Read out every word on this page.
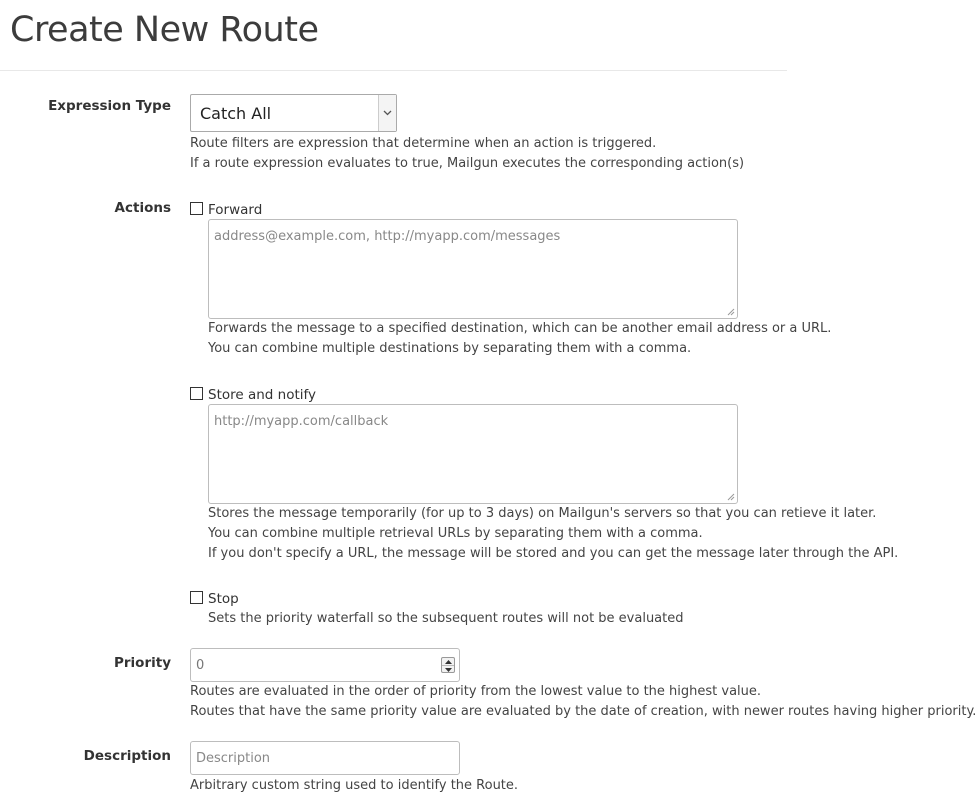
Create New Route
Expression Type Catch All
Route filters are expression that determine when an action is triggered.
If a route expression evaluates to true, Mailgun executes the corresponding action(s)
Actions	Forward
address@example.com, http://myapp.com/messages
Forwards the message to a specified destination, which can be another email address or a URL.
You can combine multiple destinations by separating them with a comma.
Store and notify
http://myapp.com/callback
Stores the message temporarily (for up to 3 days) on Mailgun's servers so that you can retieve it later.
You can combine multiple retrieval URLs by separating them with a comma.
If you don't specify a URL, the message will be stored and you can get the message later through the API.
Stop
Sets the priority waterfall so the subsequent routes will not be evaluated
Priority 0
Routes are evaluated in the order of priority from the lowest value to the highest value.
Routes that have the same priority value are evaluated by the date of creation, with newer routes having higher priority.
Description Description
Arbitrary custom string used to identify the Route.
